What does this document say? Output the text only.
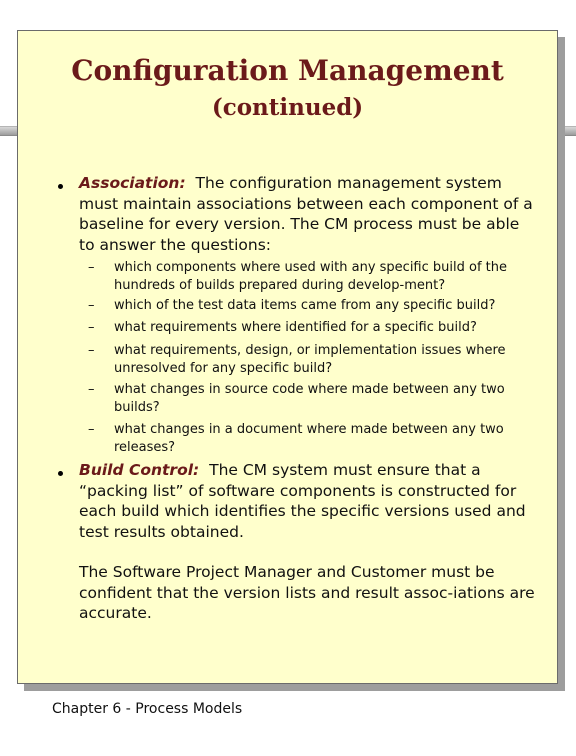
Configuration Management
(continued)
Association: The configuration management system must maintain associations between each component of a baseline for every version. The CM process must be able to answer the questions:
– which components where used with any specific build of the hundreds of builds prepared during develop-ment?
– which of the test data items came from any specific build?
– what requirements where identified for a specific build?
– what requirements, design, or implementation issues where unresolved for any specific build?
– what changes in source code where made between any two builds?
– what changes in a document where made between any two releases?
Build Control: The CM system must ensure that a “packing list” of software components is constructed for each build which identifies the specific versions used and test results obtained.
The Software Project Manager and Customer must be confident that the version lists and result assoc-iations are accurate.
Chapter 6 - Process Models
